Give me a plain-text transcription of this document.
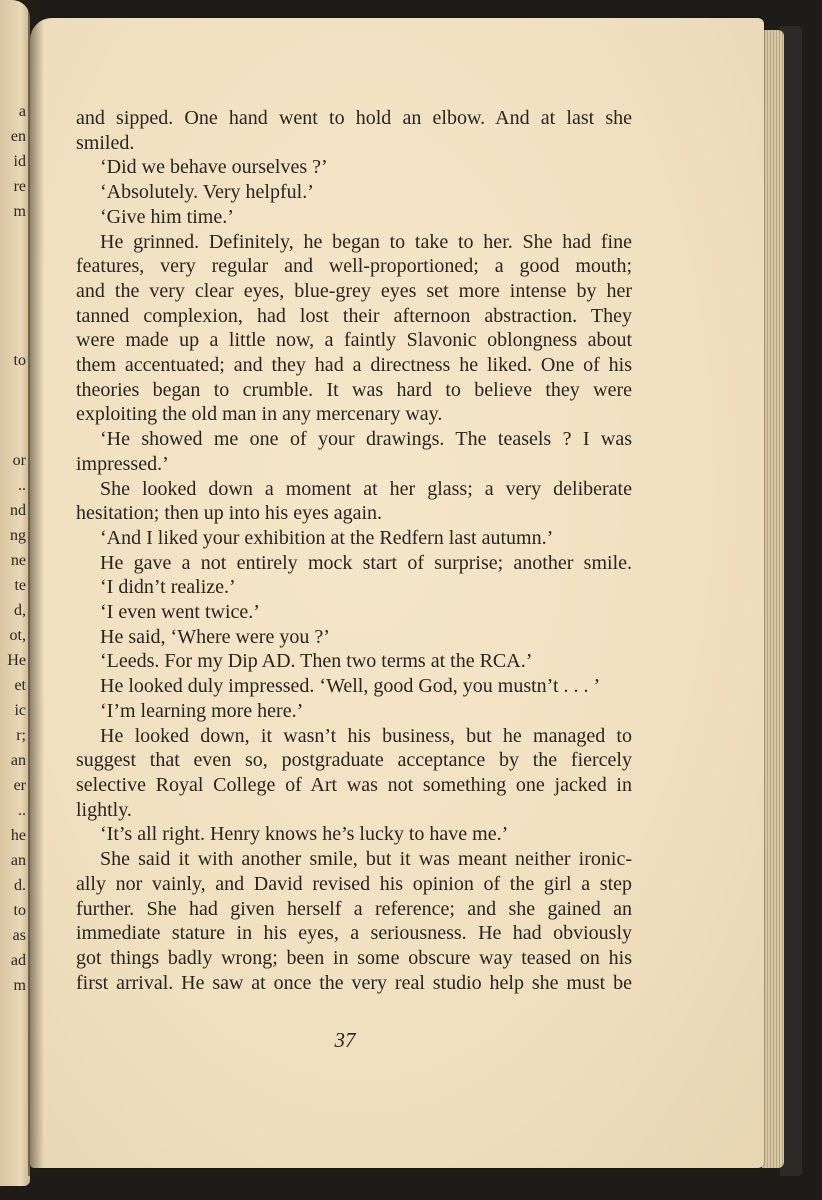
a
en
id
re
m
to
or
..
nd
ng
ne
te
d,
ot,
He
et
ic
r;
an
er
..
he
an
d.
to
as
ad
m
and sipped. One hand went to hold an elbow. And at last she
smiled.
‘Did we behave ourselves ?’
‘Absolutely. Very helpful.’
‘Give him time.’
He grinned. Definitely, he began to take to her. She had fine
features, very regular and well-proportioned; a good mouth;
and the very clear eyes, blue-grey eyes set more intense by her
tanned complexion, had lost their afternoon abstraction. They
were made up a little now, a faintly Slavonic oblongness about
them accentuated; and they had a directness he liked. One of his
theories began to crumble. It was hard to believe they were
exploiting the old man in any mercenary way.
‘He showed me one of your drawings. The teasels ? I was
impressed.’
She looked down a moment at her glass; a very deliberate
hesitation; then up into his eyes again.
‘And I liked your exhibition at the Redfern last autumn.’
He gave a not entirely mock start of surprise; another smile.
‘I didn’t realize.’
‘I even went twice.’
He said, ‘Where were you ?’
‘Leeds. For my Dip AD. Then two terms at the RCA.’
He looked duly impressed. ‘Well, good God, you mustn’t . . . ’
‘I’m learning more here.’
He looked down, it wasn’t his business, but he managed to
suggest that even so, postgraduate acceptance by the fiercely
selective Royal College of Art was not something one jacked in
lightly.
‘It’s all right. Henry knows he’s lucky to have me.’
She said it with another smile, but it was meant neither ironic-
ally nor vainly, and David revised his opinion of the girl a step
further. She had given herself a reference; and she gained an
immediate stature in his eyes, a seriousness. He had obviously
got things badly wrong; been in some obscure way teased on his
first arrival. He saw at once the very real studio help she must be
37
